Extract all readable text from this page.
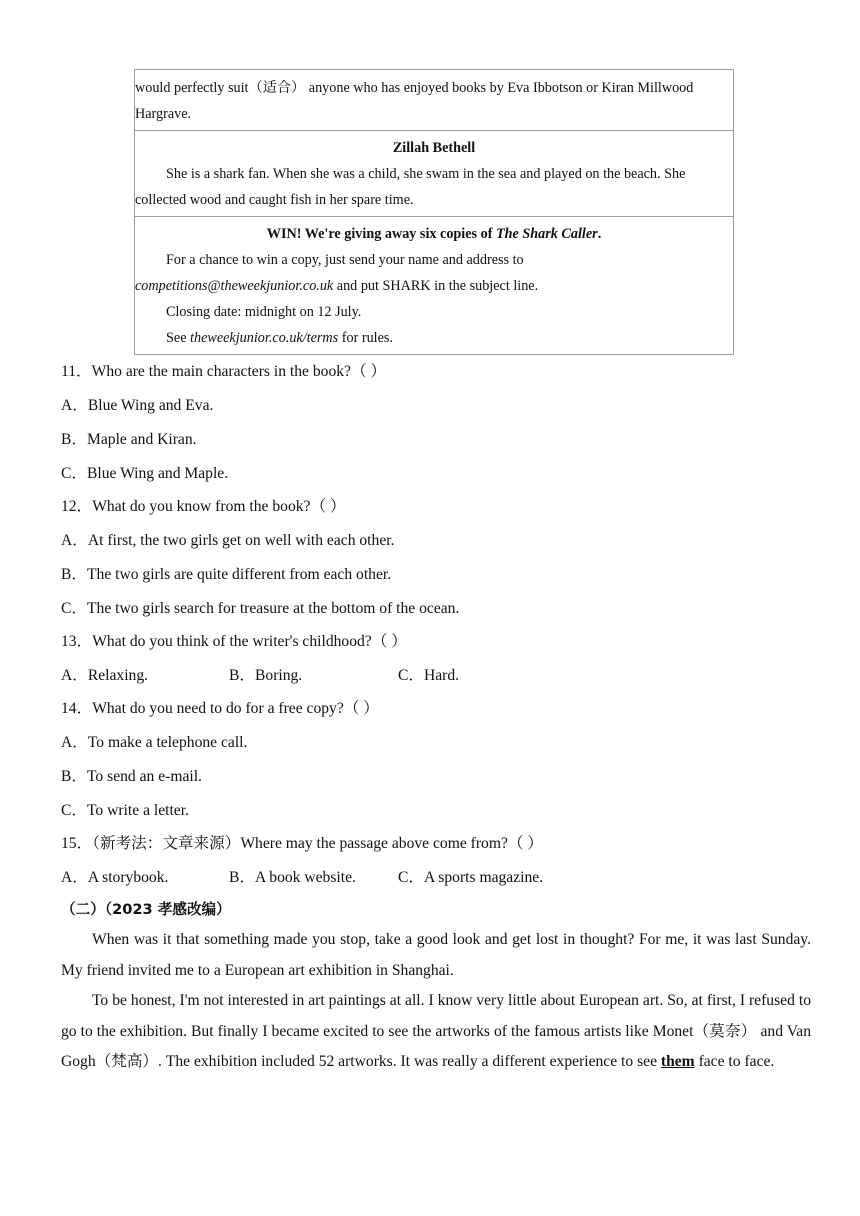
would perfectly suit（适合） anyone who has enjoyed books by Eva Ibbotson or Kiran Millwood

Hargrave.

Zillah Bethell

She is a shark fan. When she was a child, she swam in the sea and played on the beach. She

collected wood and caught fish in her spare time.

WIN! We're giving away six copies of The Shark Caller.

For a chance to win a copy, just send your name and address to

competitions@theweekjunior.co.uk and put SHARK in the subject line.

Closing date: midnight on 12 July.

See theweekjunior.co.uk/terms for rules.

11．Who are the main characters in the book?（ ）
A．Blue Wing and Eva.
B．Maple and Kiran.
C．Blue Wing and Maple.
12．What do you know from the book?（ ）
A．At first, the two girls get on well with each other.
B．The two girls are quite different from each other.
C．The two girls search for treasure at the bottom of the ocean.
13．What do you think of the writer's childhood?（ ）
A．Relaxing.	B．Boring.	C．Hard.
14．What do you need to do for a free copy?（ ）
A．To make a telephone call.
B．To send an e-mail.
C．To write a letter.
15．（新考法：文章来源）Where may the passage above come from?（ ）
A．A storybook.	B．A book website.	C．A sports magazine.
（二）（2023 孝感改编）
When was it that something made you stop, take a good look and get lost in thought? For me, it was last Sunday. My friend invited me to a European art exhibition in Shanghai.
To be honest, I'm not interested in art paintings at all. I know very little about European art. So, at first, I refused to go to the exhibition. But finally I became excited to see the artworks of the famous artists like Monet（莫奈） and Van Gogh（梵高）. The exhibition included 52 artworks. It was really a different experience to see them face to face.
